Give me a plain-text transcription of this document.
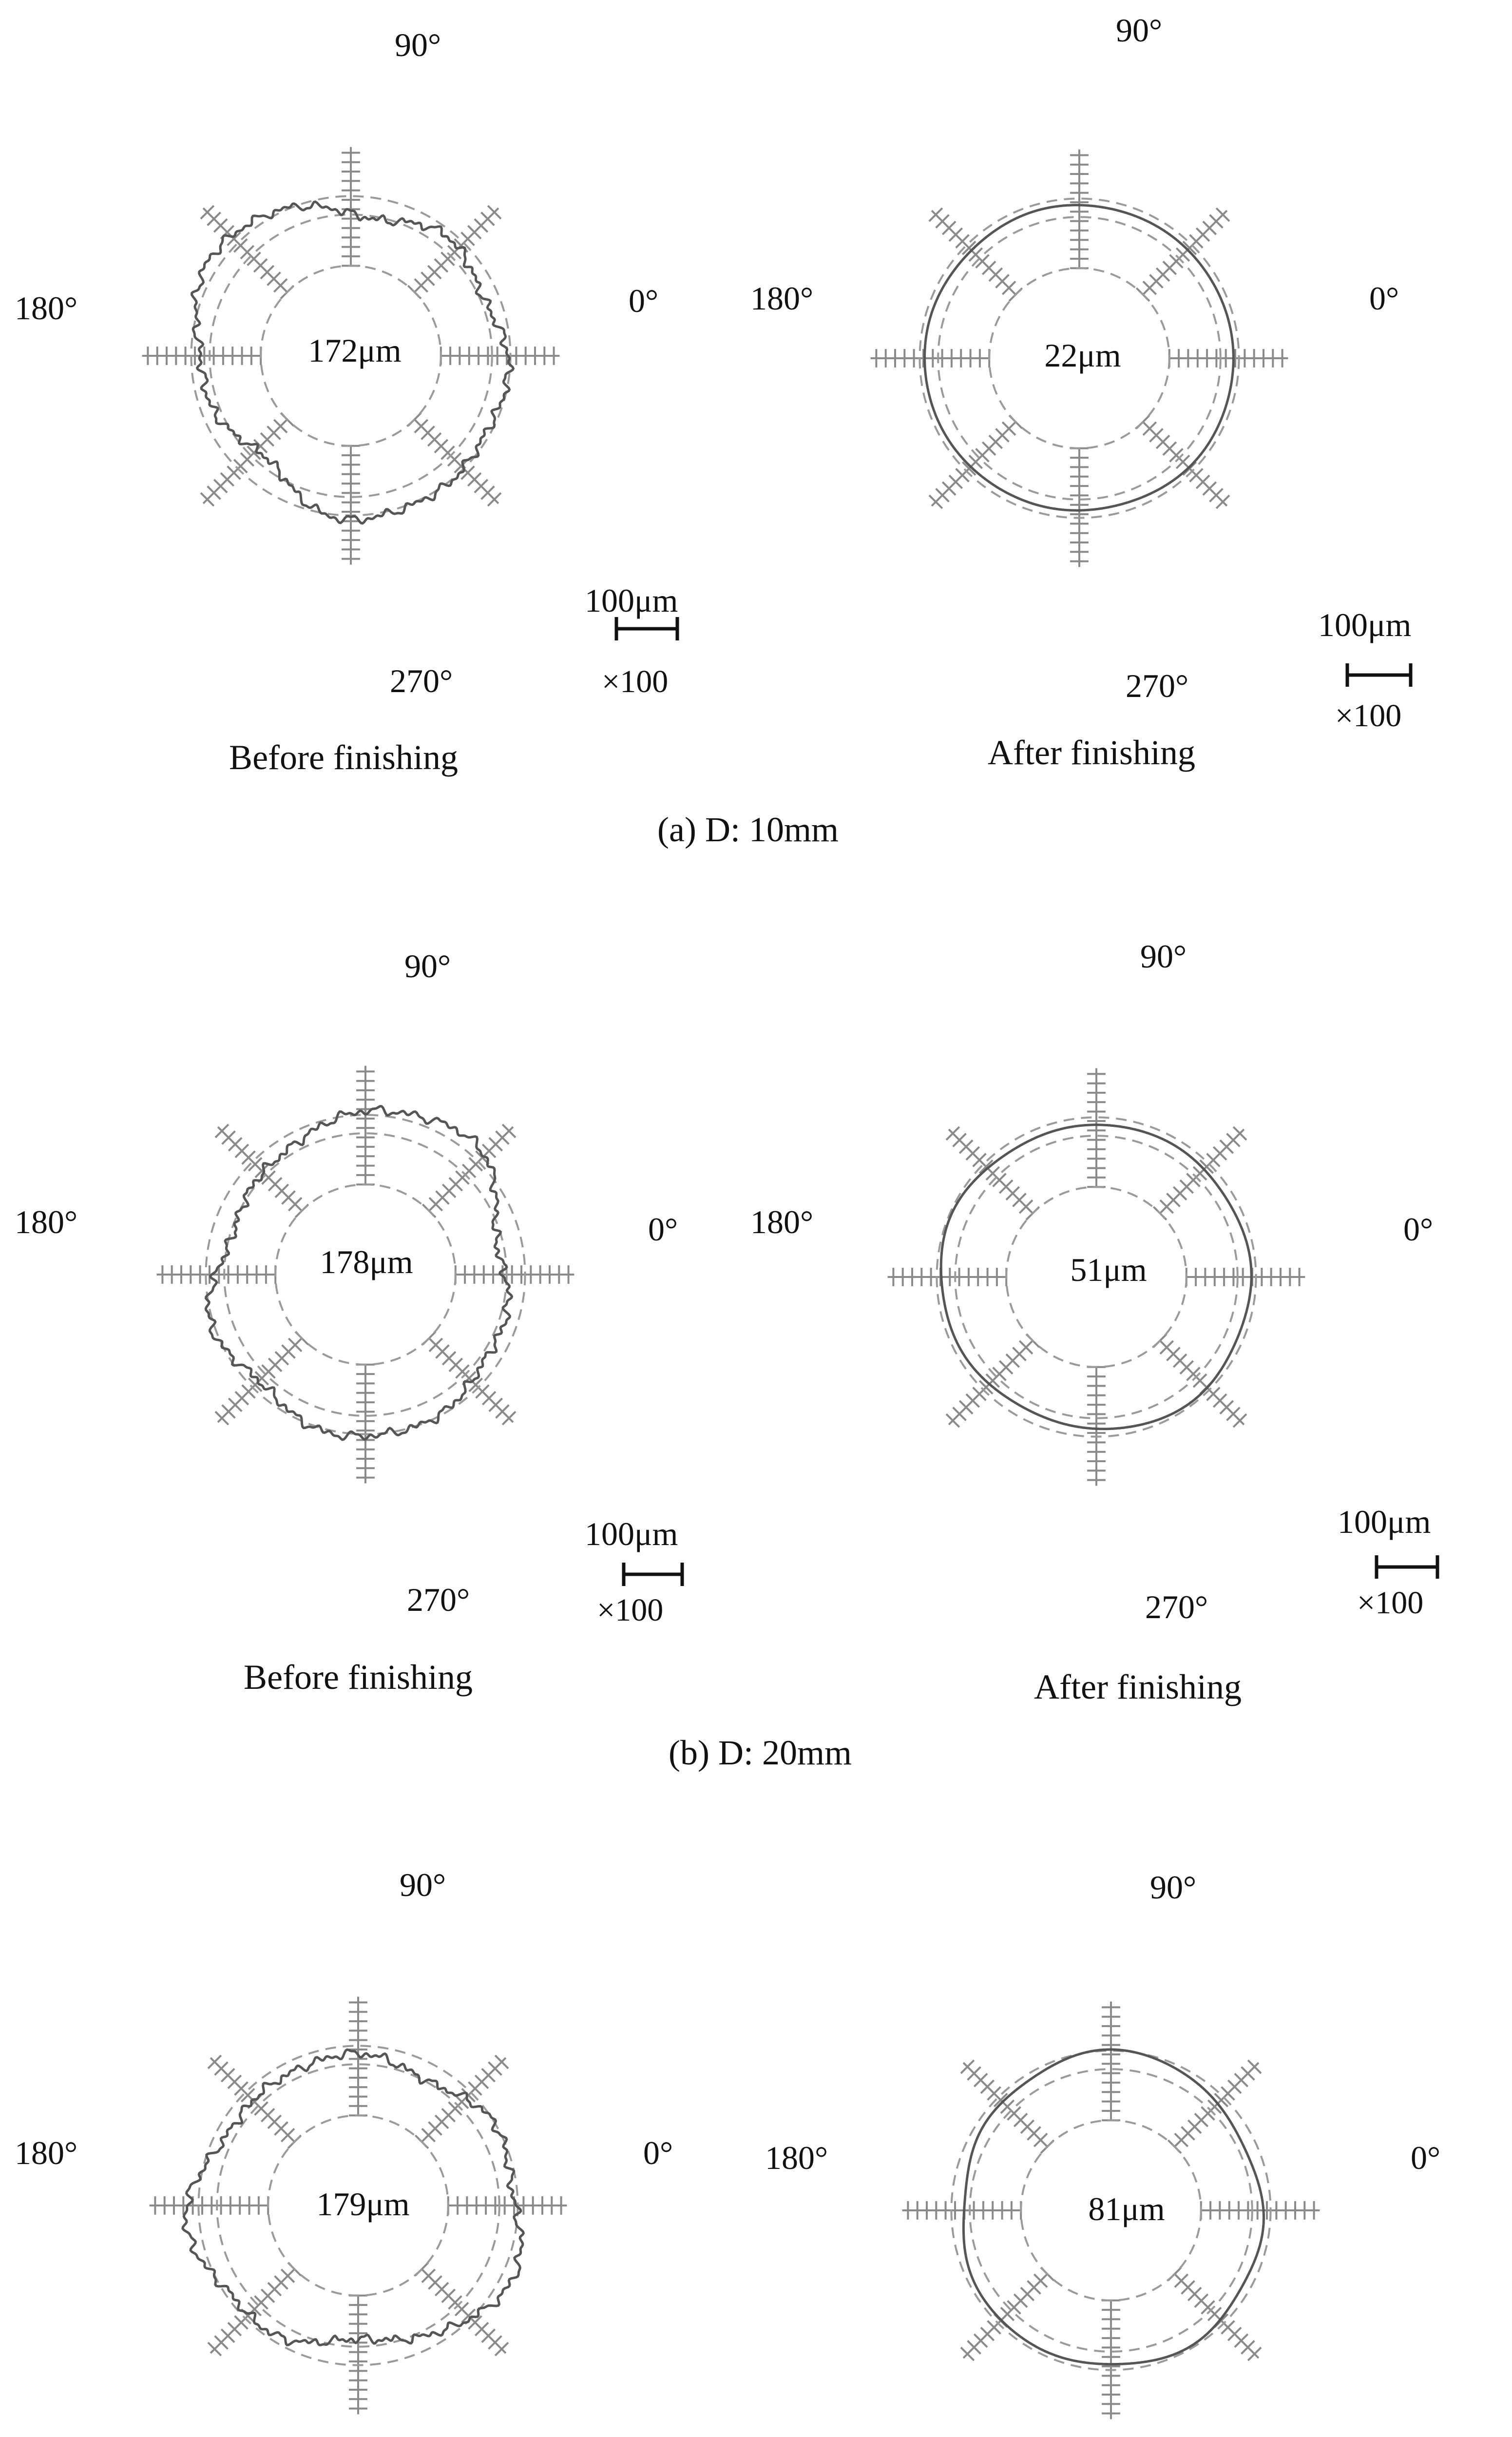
90°
180°	0°
270°
172μm
100μm
×100
Before finishing
90°
180°	0°
270°
22μm
100μm
×100
After finishing
(a) D: 10mm
90°
180°	0°
270°
178μm
100μm
×100
Before finishing
90°
180°	0°
270°
51μm
100μm
×100
After finishing
(b) D: 20mm
90°
180°	0°
179μm
90°
180°	0°
81μm
